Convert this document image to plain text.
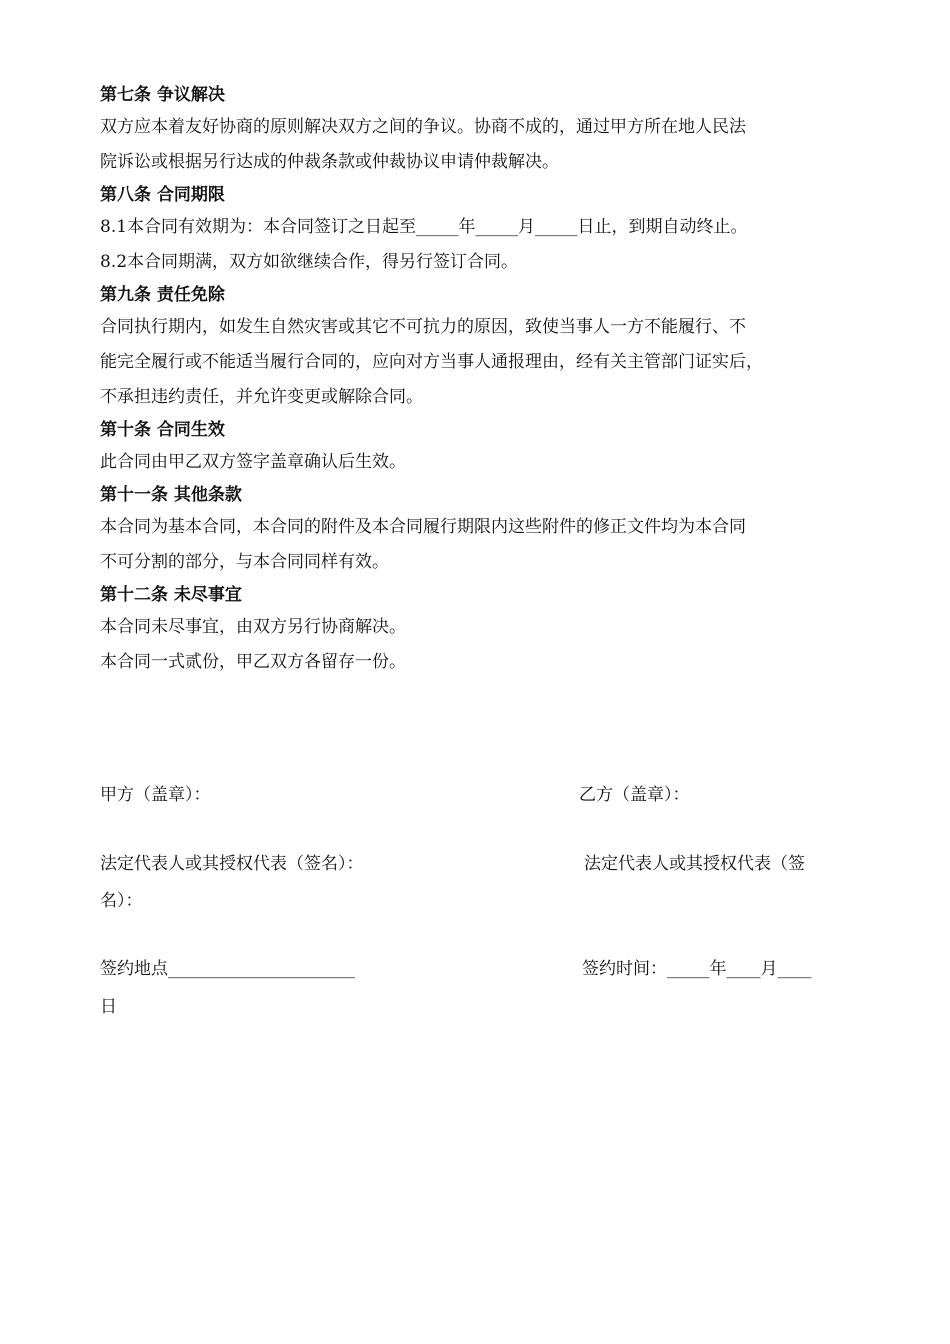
第七条 争议解决

双方应本着友好协商的原则解决双方之间的争议。协商不成的，通过甲方所在地人民法

院诉讼或根据另行达成的仲裁条款或仲裁协议申请仲裁解决。

第八条 合同期限

8.1本合同有效期为：本合同签订之日起至_____年_____月_____日止，到期自动终止。

8.2本合同期满，双方如欲继续合作，得另行签订合同。

第九条 责任免除

合同执行期内，如发生自然灾害或其它不可抗力的原因，致使当事人一方不能履行、不

能完全履行或不能适当履行合同的，应向对方当事人通报理由，经有关主管部门证实后，

不承担违约责任，并允许变更或解除合同。

第十条 合同生效

此合同由甲乙双方签字盖章确认后生效。

第十一条 其他条款

本合同为基本合同，本合同的附件及本合同履行期限内这些附件的修正文件均为本合同

不可分割的部分，与本合同同样有效。

第十二条 未尽事宜

本合同未尽事宜，由双方另行协商解决。

本合同一式贰份，甲乙双方各留存一份。

甲方（盖章）：	乙方（盖章）：

法定代表人或其授权代表（签名）：	法定代表人或其授权代表（签

名）：

签约地点______________________	签约时间：_____年____月____

日
